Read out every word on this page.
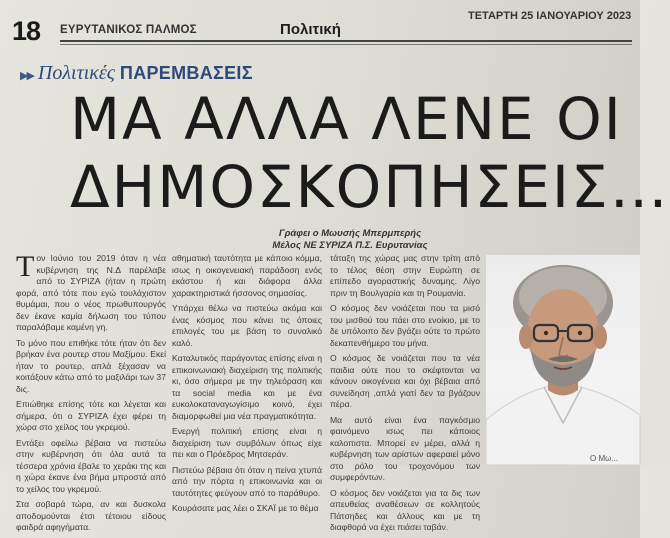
18 ΕΥΡΥΤΑΝΙΚΟΣ ΠΑΛΜΟΣ	Πολιτική
ΤΕΤΑΡΤΗ 25 ΙΑΝΟΥΑΡΙΟΥ 2023
▶▶ Πολιτικές ΠΑΡΕΜΒΑΣΕΙΣ
ΜΑ ΑΛΛΑ ΛΕΝΕ ΟΙ ΔΗΜΟΣΚΟΠΗΣΕΙΣ…
Γράφει ο Μωυσής Μπερμπερής
Μέλος ΝΕ ΣΥΡΙΖΑ Π.Σ. Ευρυτανίας

Τον Ιούνιο του 2019 όταν η νέα κυβέρνηση της Ν.Δ παρέλαβε από το ΣΥΡΙΖΑ (ήταν η πρώτη φορά, από τότε που εγώ τουλάχιστον θυμάμαι, που ο νέος πρωθυπουργός δεν έκανε καμία δήλωση του τύπου παραλάβαμε καμένη γη.

Το μόνο που επιθήκε τότε ήταν ότι δεν βρήκαν ένα ρουτερ στου Μαξίμου. Εκεί ήταν το ρουτερ, απλά ξέχασαν να κοιτάξουν κάτω από το μαξιλάρι των 37 δις.

Επιώθηκε επίσης τότε και λέγεται και σήμερα, ότι ο ΣΥΡΙΖΑ έχει φέρει τη χώρα στο χείλος του γκρεμού.

Εντάξει οφείλω βέβαια να πιστεύω στην κυβέρνηση ότι όλα αυτά τα τέσσερα χρόνια έβαλε το χεράκι της και η χώρα έκανε ένα βήμα μπροστά από το χείλος του γκρεμού.

Στα σοβαρά τώρα, αν και δυσκολα αποδομούνται έτσι τέτοιου είδους φαιδρά αφηγήματα.

αθηματική ταυτότητα με κάποιο κόμμα, ισως η οικογενειακή παράδοση ενός εκάστου ή και διάφορα άλλα χαρακτηριστικά ήσσονος σημασίας.

Υπάρχει θέλω να πιστεύω ακόμα και ένας κόσμος που κάνει τις όποιες επιλογές του με βάση το συναλικό καλό.

Καταλυτικός παράγοντας επίσης είναι η επικοινωνιακή διαχείριση της πολιτικής κι, όσο σήμερα με την τηλεόραση και τα social media και με ένα ευκολοκαταναγωγίσιμο κοινό, έχει διαμορφωθεί μια νέα πραγματικότητα.

Ενεργή πολιτική επίσης είναι η διαχείριση των συμβόλων όπως είχε πει και ο Πρόεδρος Μητσεράν.

Πιστεύω βέβαια ότι όταν η πείνα χτυπά από την πόρτα η επικοινωνία και οι ταυτότητες φεύγουν από το παράθυρο.

Κουράσατε μας λέει ο ΣΚΑΪ με το θέμα

τάταξη της χώρας μας στην τρίτη από το τέλος θέση στην Ευρώπη σε επίπεδο αγοραστικής δυναμης. Λίγο πριν τη Βουλγαρία και τη Ρουμανία.

Ο κόσμος δεν νοιάζεται που τα μισό του μισθού του πάει στο ενοίκιο, με το δε υπόλοιπο δεν βγάζει ούτε το πρώτο δεκαπενθήμερο του μήνα.

Ο κόσμος δε νοιάζεται που τα νέα παιδια ούτε που το σκέφτονται να κάνουν οικογένεια και όχι βέβαια από συνείδηση ,απλά γιατί δεν τα βγάζουν πέρα.

Μα αυτό είναι ένα παγκόσμιο φαινόμενο ισως πει κάποιος καλοπιστα. Μπορεί εν μέρει, αλλά η κυβέρνηση των αρίστων αφεραιεί μόνο στο ρόλο του τροχονόμου των συμφερόντων.

Ο κόσμος δεν νοιάζεται για τα δις των απευθείας αναθέσεων σε κολλητούς Πάτσηδες και άλλους και με τη διαφθορά να έχει πιάσει ταβάν.

Ο Μω...
